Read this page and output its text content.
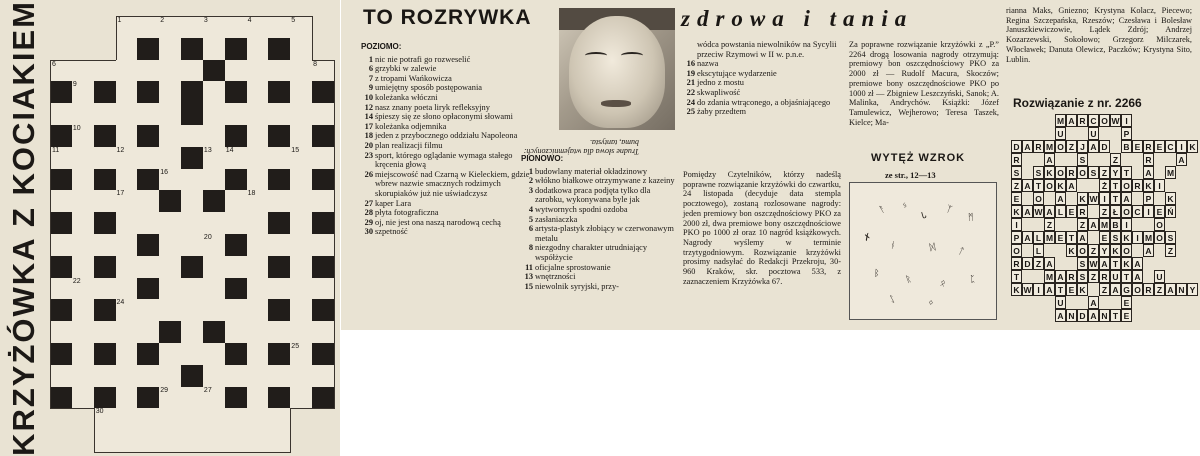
KRZYŻÓWKA Z KOCIAKIEM	1	2	3	4	5
6	8
9
10
11	12	13 14	15
16
17	18
20
22
24
25
29	27
30
TO ROZRYWKA	zdrowa i tania
POZIOMO:
1 nic nie potrafi go rozweselić
6 grzybki w zalewie
7 z tropami Wańkowicza
9 umiejętny sposób postępowania
10 koleżanka włóczni
12 nasz znany poeta liryk refleksyjny
14 śpieszy się ze słono opłaconymi słowami
17 koleżanka odjemnika
18 jeden z przybocznego oddziału Napoleona
20 plan realizacji filmu
23 sport, którego oglądanie wymaga stałego kręcenia głową
26 miejscowość nad Czarną w Kieleckiem, gdzie wbrew nazwie smacznych rodzimych skorupiaków już nie uświadczysz
27 kaper Lara
28 płyta fotograficzna
29 oj, nie jest ona naszą narodową cechą
30 szpetność
Trudne słowa dla wtajemniczonych: buma, tantysta.
PIONOWO:
1 budowlany materiał okładzinowy
2 włókno białkowe otrzymywane z kazeiny
3 dodatkowa praca podjęta tylko dla zarobku, wykonywana byle jak
4 wytwornych spodni ozdoba
5 zasłaniaczka
6 artysta-plastyk złobiący w czerwonawym metalu
8 niezgodny charakter utrudniający współżycie
11 oficjalne sprostowanie
13 wnętrzności
15 niewolnik syryjski, przy-
wódca powstania niewolników na Sycylii przeciw Rzymowi w II w. p.n.e.
16 nazwa
19 ekscytujące wydarzenie
21 jedno z mostu
22 skwapliwość
24 do zdania wtrąconego, a objaśniającego
25 żaby przedtem
Pomiędzy Czytelników, którzy nadeślą poprawne rozwiązanie krzyżówki do czwartku, 24 listopada (decyduje data stempla pocztowego), zostaną rozlosowane nagrody: jeden premiowy bon oszczędnościowy PKO za 2000 zł, dwa premiowe bony oszczędnościowe PKO po 1000 zł oraz 10 nagród książkowych. Nagrody wyślemy w terminie trzytygodniowym. Rozwiązanie krzyżówki prosimy nadsyłać do Redakcji Przekroju, 30-960 Kraków, skr. pocztowa 533, z zaznaczeniem Krzyżówka 67.
Za poprawne rozwiązanie krzyżówki z „P.” 2264 drogą losowania nagrody otrzymują: premiowy bon oszczędnościowy PKO za 2000 zł — Rudolf Macura, Skoczów; premiowe bony oszczędnościowe PKO po 1000 zł — Zbigniew Leszczyński, Sanok; A. Malinka, Andrychów. Książki: Józef Tamulewicz, Wejherowo; Teresa Taszek, Kielce; Ma-
WYTĘŻ WZROK
ze str., 12—13
ᚨ ᛃ
Ꮣ
ᛉ
ᛗ
✗
ᚾ	ᛞ ᛏ
ᛒ
ᚱ	ᛟ	ᛈ
ᛇ	ᛜ
rianna Maks, Gniezno; Krystyna Kolacz, Piecewo; Regina Szczepańska, Rzeszów; Czesława i Bolesław Januszkiewiczowie, Lądek Zdrój; Andrzej Kozarzewski, Sokołowo; Grzegorz Milczarek, Włocławek; Danuta Olewicz, Paczków; Krystyna Sito, Lublin.
Rozwiązanie z nr. 2266
M A R C O W I
U	U	P
D A R M O Z J A D B E R E C I K
R	A	S	Z	R	A
S	S K O R O S Z Y T	A M
Z A T O K A	Ż T O R K I
E	O A K W I T A	P	K
K A W A L E R	Z Ł O C I E Ń
I	Z	Z A M B I	O
P A L M E T A	E S K I M O S
O	L	K O Z Y K O A	Z
R D Z A	S W A T K A
T	M A R S Z R U T A U
K W I A T E K	Z A G O R Z A N Y
U	A	E
A N D A N T E
